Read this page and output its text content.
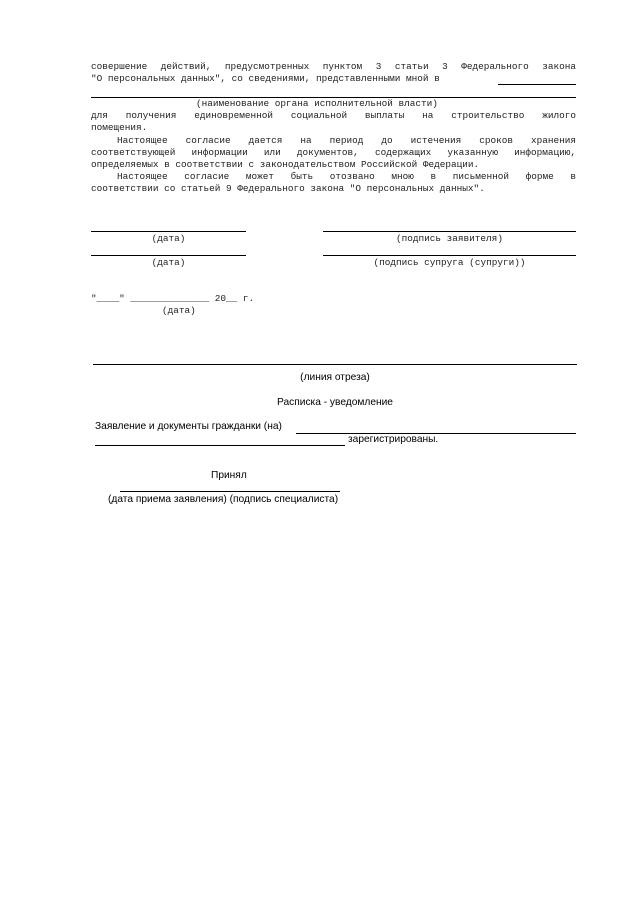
совершение действий, предусмотренных пунктом 3 статьи 3 Федерального закона
"О персональных данных", со сведениями, представленными мной в
(наименование органа исполнительной власти)
для получения единовременной социальной выплаты на строительство жилого
помещения.
Настоящее согласие дается на период до истечения сроков хранения
соответствующей информации или документов, содержащих указанную информацию,
определяемых в соответствии с законодательством Российской Федерации.
Настоящее согласие может быть отозвано мною в письменной форме в
соответствии со статьей 9 Федерального закона "О персональных данных".
(дата)	(подпись заявителя)
(дата)	(подпись супруга (супруги))
"____" ______________ 20__ г.
(дата)
(линия отреза)
Расписка - уведомление
Заявление и документы гражданки (на)
зарегистрированы.
Принял
(дата приема заявления) (подпись специалиста)
